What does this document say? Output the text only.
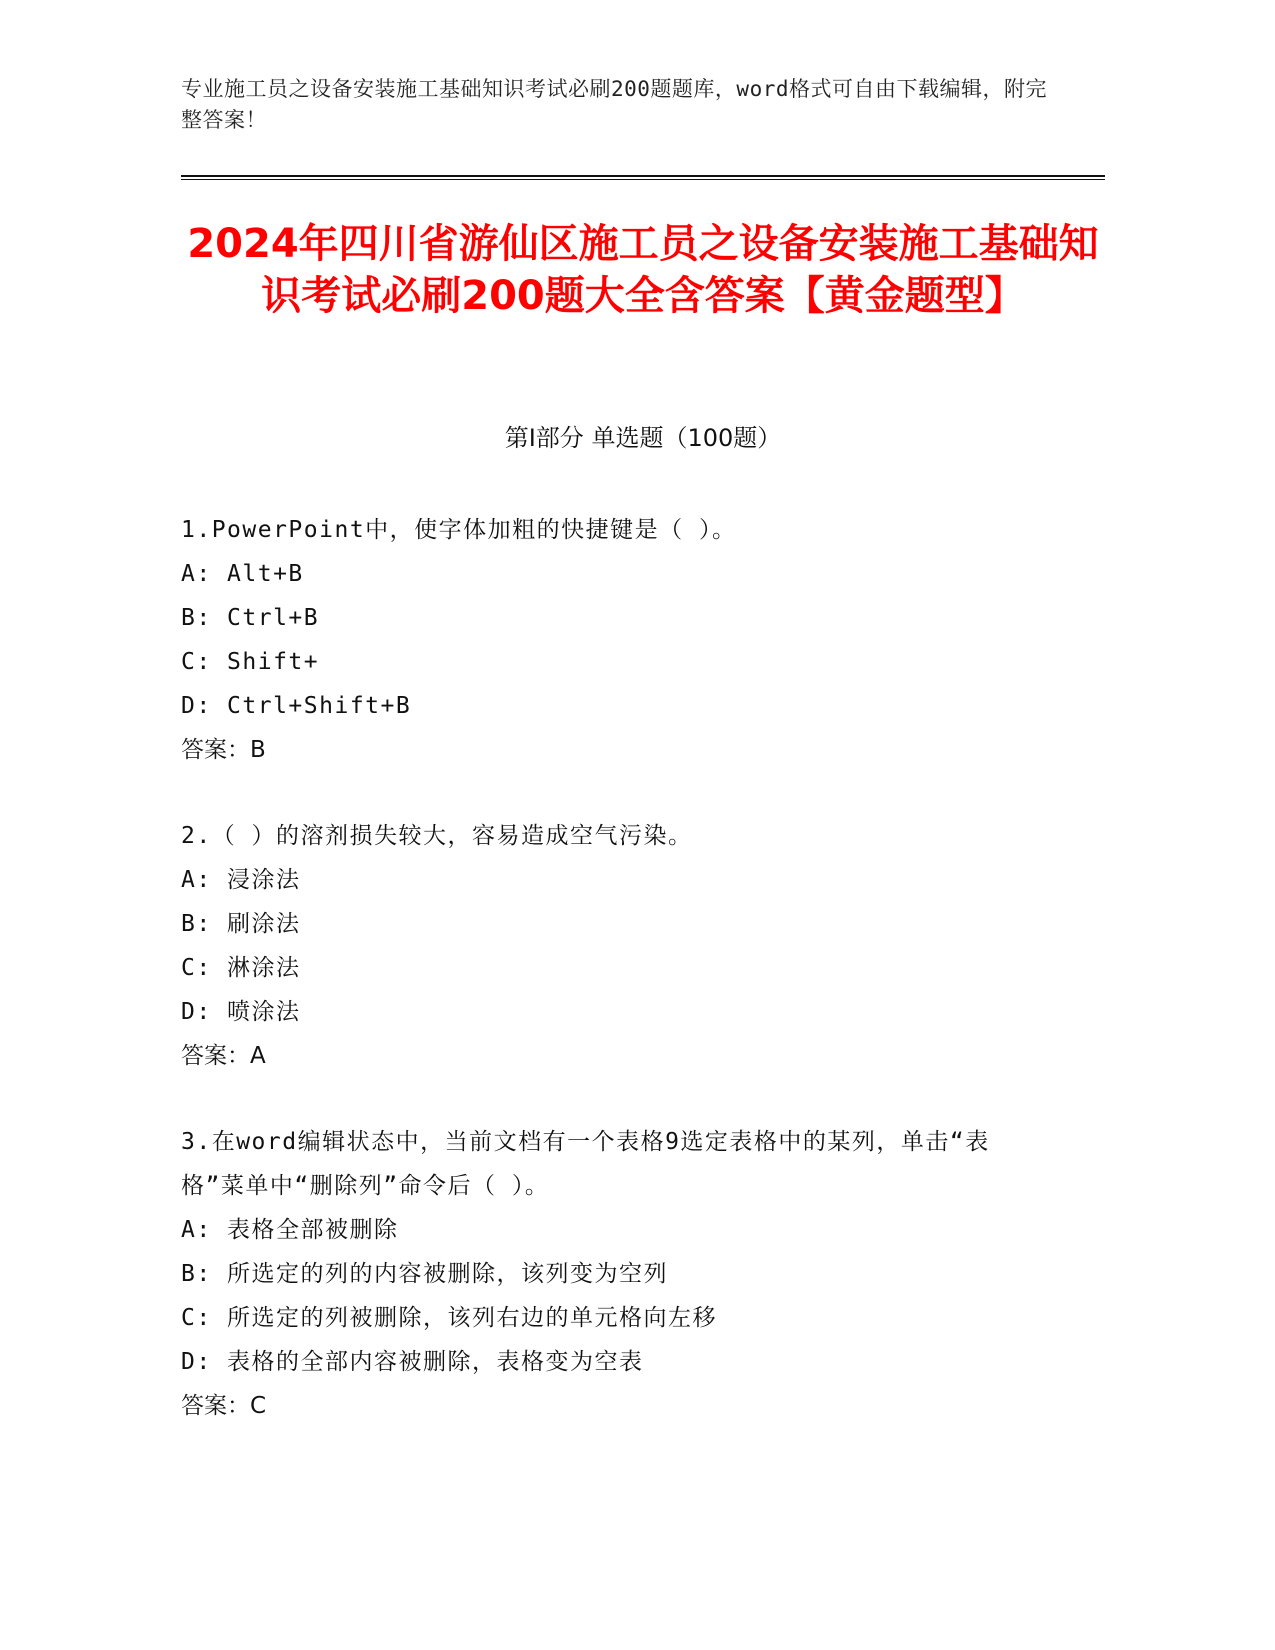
专业施工员之设备安装施工基础知识考试必刷200题题库，word格式可自由下载编辑，附完整答案！
2024年四川省游仙区施工员之设备安装施工基础知识考试必刷200题大全含答案【黄金题型】
第Ⅰ部分 单选题（100题）
1.PowerPoint中，使字体加粗的快捷键是（ ）。
A: Alt+B
B: Ctrl+B
C: Shift+
D: Ctrl+Shift+B
答案：B
2.（ ）的溶剂损失较大，容易造成空气污染。
A: 浸涂法
B: 刷涂法
C: 淋涂法
D: 喷涂法
答案：A
3.在word编辑状态中，当前文档有一个表格9选定表格中的某列，单击“表格”菜单中“删除列”命令后（ ）。
A: 表格全部被删除
B: 所选定的列的内容被删除，该列变为空列
C: 所选定的列被删除，该列右边的单元格向左移
D: 表格的全部内容被删除，表格变为空表
答案：C
